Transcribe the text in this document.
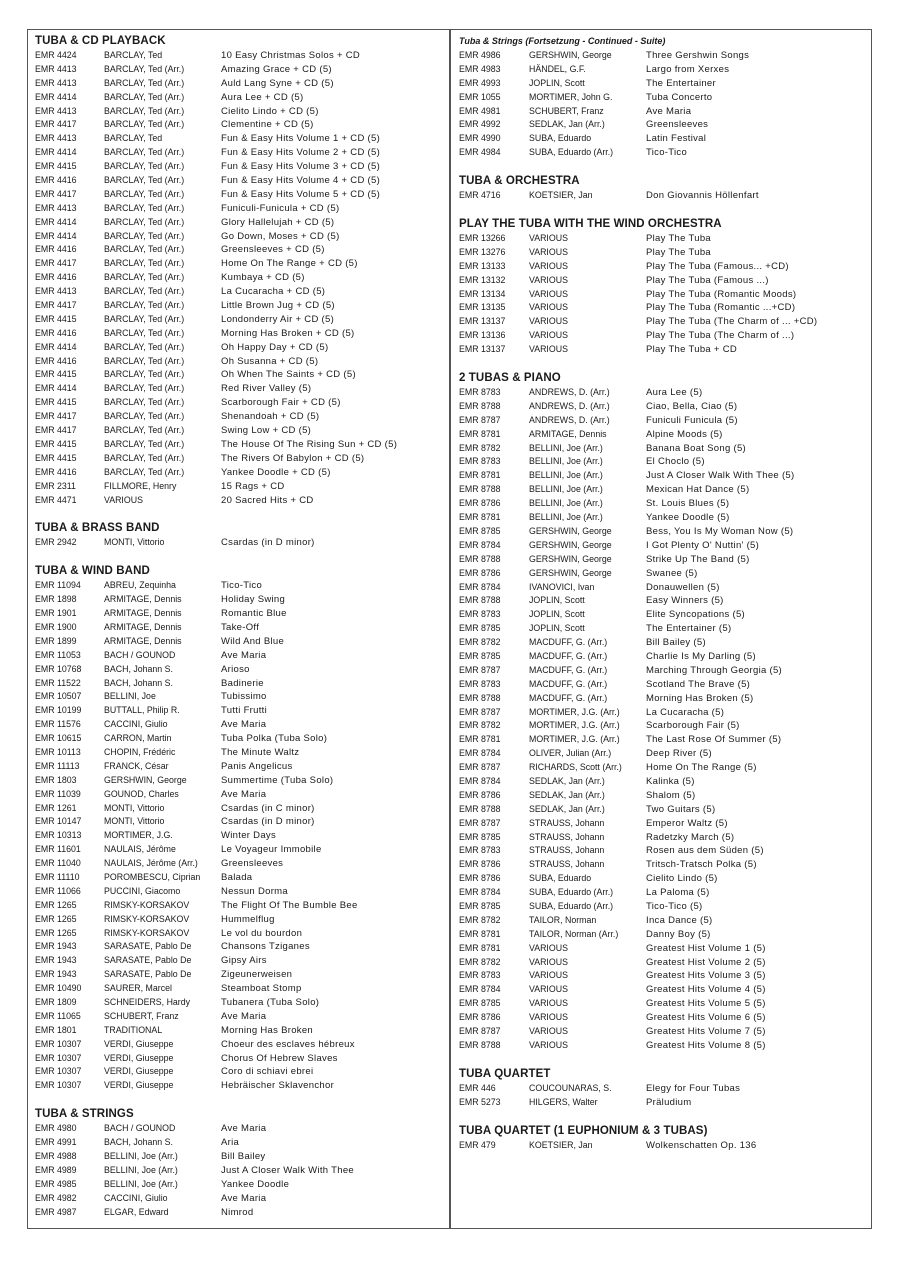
TUBA & CD PLAYBACK
EMR 4424	BARCLAY, Ted	10 Easy Christmas Solos + CD
EMR 4413	BARCLAY, Ted (Arr.)	Amazing Grace + CD (5)
EMR 4413	BARCLAY, Ted (Arr.)	Auld Lang Syne + CD (5)
EMR 4414	BARCLAY, Ted (Arr.)	Aura Lee + CD (5)
EMR 4413	BARCLAY, Ted (Arr.)	Cielito Lindo + CD (5)
EMR 4417	BARCLAY, Ted (Arr.)	Clementine + CD (5)
EMR 4413	BARCLAY, Ted	Fun & Easy Hits Volume 1 + CD (5)
EMR 4414	BARCLAY, Ted (Arr.)	Fun & Easy Hits Volume 2 + CD (5)
EMR 4415	BARCLAY, Ted (Arr.)	Fun & Easy Hits Volume 3 + CD (5)
EMR 4416	BARCLAY, Ted (Arr.)	Fun & Easy Hits Volume 4 + CD (5)
EMR 4417	BARCLAY, Ted (Arr.)	Fun & Easy Hits Volume 5 + CD (5)
EMR 4413	BARCLAY, Ted (Arr.)	Funiculi-Funicula + CD (5)
EMR 4414	BARCLAY, Ted (Arr.)	Glory Hallelujah + CD (5)
EMR 4414	BARCLAY, Ted (Arr.)	Go Down, Moses + CD (5)
EMR 4416	BARCLAY, Ted (Arr.)	Greensleeves + CD (5)
EMR 4417	BARCLAY, Ted (Arr.)	Home On The Range + CD (5)
EMR 4416	BARCLAY, Ted (Arr.)	Kumbaya + CD (5)
EMR 4413	BARCLAY, Ted (Arr.)	La Cucaracha + CD (5)
EMR 4417	BARCLAY, Ted (Arr.)	Little Brown Jug + CD (5)
EMR 4415	BARCLAY, Ted (Arr.)	Londonderry Air + CD (5)
EMR 4416	BARCLAY, Ted (Arr.)	Morning Has Broken + CD (5)
EMR 4414	BARCLAY, Ted (Arr.)	Oh Happy Day + CD (5)
EMR 4416	BARCLAY, Ted (Arr.)	Oh Susanna + CD (5)
EMR 4415	BARCLAY, Ted (Arr.)	Oh When The Saints + CD (5)
EMR 4414	BARCLAY, Ted (Arr.)	Red River Valley (5)
EMR 4415	BARCLAY, Ted (Arr.)	Scarborough Fair + CD (5)
EMR 4417	BARCLAY, Ted (Arr.)	Shenandoah + CD (5)
EMR 4417	BARCLAY, Ted (Arr.)	Swing Low + CD (5)
EMR 4415	BARCLAY, Ted (Arr.)	The House Of The Rising Sun + CD (5)
EMR 4415	BARCLAY, Ted (Arr.)	The Rivers Of Babylon + CD (5)
EMR 4416	BARCLAY, Ted (Arr.)	Yankee Doodle + CD (5)
EMR 2311	FILLMORE, Henry	15 Rags + CD
EMR 4471	VARIOUS	20 Sacred Hits + CD
TUBA & BRASS BAND
EMR 2942	MONTI, Vittorio	Csardas (in D minor)
TUBA & WIND BAND
EMR 11094	ABREU, Zequinha	Tico-Tico
EMR 1898	ARMITAGE, Dennis	Holiday Swing
EMR 1901	ARMITAGE, Dennis	Romantic Blue
EMR 1900	ARMITAGE, Dennis	Take-Off
EMR 1899	ARMITAGE, Dennis	Wild And Blue
EMR 11053	BACH / GOUNOD	Ave Maria
EMR 10768	BACH, Johann S.	Arioso
EMR 11522	BACH, Johann S.	Badinerie
EMR 10507	BELLINI, Joe	Tubissimo
EMR 10199	BUTTALL, Philip R.	Tutti Frutti
EMR 11576	CACCINI, Giulio	Ave Maria
EMR 10615	CARRON, Martin	Tuba Polka (Tuba Solo)
EMR 10113	CHOPIN, Frédéric	The Minute Waltz
EMR 11113	FRANCK, César	Panis Angelicus
EMR 1803	GERSHWIN, George	Summertime (Tuba Solo)
EMR 11039	GOUNOD, Charles	Ave Maria
EMR 1261	MONTI, Vittorio	Csardas (in C minor)
EMR 10147	MONTI, Vittorio	Csardas (in D minor)
EMR 10313	MORTIMER, J.G.	Winter Days
EMR 11601	NAULAIS, Jérôme	Le Voyageur Immobile
EMR 11040	NAULAIS, Jérôme (Arr.)	Greensleeves
EMR 11110	POROMBESCU, Ciprian	Balada
EMR 11066	PUCCINI, Giacomo	Nessun Dorma
EMR 1265	RIMSKY-KORSAKOV	The Flight Of The Bumble Bee
EMR 1265	RIMSKY-KORSAKOV	Hummelflug
EMR 1265	RIMSKY-KORSAKOV	Le vol du bourdon
EMR 1943	SARASATE, Pablo De	Chansons Tziganes
EMR 1943	SARASATE, Pablo De	Gipsy Airs
EMR 1943	SARASATE, Pablo De	Zigeunerweisen
EMR 10490	SAURER, Marcel	Steamboat Stomp
EMR 1809	SCHNEIDERS, Hardy	Tubanera (Tuba Solo)
EMR 11065	SCHUBERT, Franz	Ave Maria
EMR 1801	TRADITIONAL	Morning Has Broken
EMR 10307	VERDI, Giuseppe	Choeur des esclaves hébreux
EMR 10307	VERDI, Giuseppe	Chorus Of Hebrew Slaves
EMR 10307	VERDI, Giuseppe	Coro di schiavi ebrei
EMR 10307	VERDI, Giuseppe	Hebräischer Sklavenchor
TUBA & STRINGS
EMR 4980	BACH / GOUNOD	Ave Maria
EMR 4991	BACH, Johann S.	Aria
EMR 4988	BELLINI, Joe (Arr.)	Bill Bailey
EMR 4989	BELLINI, Joe (Arr.)	Just A Closer Walk With Thee
EMR 4985	BELLINI, Joe (Arr.)	Yankee Doodle
EMR 4982	CACCINI, Giulio	Ave Maria
EMR 4987	ELGAR, Edward	Nimrod
Tuba & Strings (Fortsetzung - Continued - Suite)
EMR 4986	GERSHWIN, George	Three Gershwin Songs
EMR 4983	HÄNDEL, G.F.	Largo from Xerxes
EMR 4993	JOPLIN, Scott	The Entertainer
EMR 1055	MORTIMER, John G.	Tuba Concerto
EMR 4981	SCHUBERT, Franz	Ave Maria
EMR 4992	SEDLAK, Jan (Arr.)	Greensleeves
EMR 4990	SUBA, Eduardo	Latin Festival
EMR 4984	SUBA, Eduardo (Arr.)	Tico-Tico
TUBA & ORCHESTRA
EMR 4716	KOETSIER, Jan	Don Giovannis Höllenfart
PLAY THE TUBA WITH THE WIND ORCHESTRA
EMR 13266	VARIOUS	Play The Tuba
EMR 13276	VARIOUS	Play The Tuba
EMR 13133	VARIOUS	Play The Tuba (Famous... +CD)
EMR 13132	VARIOUS	Play The Tuba (Famous ...)
EMR 13134	VARIOUS	Play The Tuba (Romantic Moods)
EMR 13135	VARIOUS	Play The Tuba (Romantic ...+CD)
EMR 13137	VARIOUS	Play The Tuba (The Charm of ... +CD)
EMR 13136	VARIOUS	Play The Tuba (The Charm of ...)
EMR 13137	VARIOUS	Play The Tuba + CD
2 TUBAS & PIANO
EMR 8783	ANDREWS, D. (Arr.)	Aura Lee (5)
EMR 8788	ANDREWS, D. (Arr.)	Ciao, Bella, Ciao (5)
EMR 8787	ANDREWS, D. (Arr.)	Funiculi Funicula (5)
EMR 8781	ARMITAGE, Dennis	Alpine Moods (5)
EMR 8782	BELLINI, Joe (Arr.)	Banana Boat Song (5)
EMR 8783	BELLINI, Joe (Arr.)	El Choclo (5)
EMR 8781	BELLINI, Joe (Arr.)	Just A Closer Walk With Thee (5)
EMR 8788	BELLINI, Joe (Arr.)	Mexican Hat Dance (5)
EMR 8786	BELLINI, Joe (Arr.)	St. Louis Blues (5)
EMR 8781	BELLINI, Joe (Arr.)	Yankee Doodle (5)
EMR 8785	GERSHWIN, George	Bess, You Is My Woman Now (5)
EMR 8784	GERSHWIN, George	I Got Plenty O' Nuttin' (5)
EMR 8788	GERSHWIN, George	Strike Up The Band (5)
EMR 8786	GERSHWIN, George	Swanee (5)
EMR 8784	IVANOVICI, Ivan	Donauwellen (5)
EMR 8788	JOPLIN, Scott	Easy Winners (5)
EMR 8783	JOPLIN, Scott	Elite Syncopations (5)
EMR 8785	JOPLIN, Scott	The Entertainer (5)
EMR 8782	MACDUFF, G. (Arr.)	Bill Bailey (5)
EMR 8785	MACDUFF, G. (Arr.)	Charlie Is My Darling (5)
EMR 8787	MACDUFF, G. (Arr.)	Marching Through Georgia (5)
EMR 8783	MACDUFF, G. (Arr.)	Scotland The Brave (5)
EMR 8788	MACDUFF, G. (Arr.)	Morning Has Broken (5)
EMR 8787	MORTIMER, J.G. (Arr.)	La Cucaracha (5)
EMR 8782	MORTIMER, J.G. (Arr.)	Scarborough Fair (5)
EMR 8781	MORTIMER, J.G. (Arr.)	The Last Rose Of Summer (5)
EMR 8784	OLIVER, Julian (Arr.)	Deep River (5)
EMR 8787	RICHARDS, Scott (Arr.)	Home On The Range (5)
EMR 8784	SEDLAK, Jan (Arr.)	Kalinka (5)
EMR 8786	SEDLAK, Jan (Arr.)	Shalom (5)
EMR 8788	SEDLAK, Jan (Arr.)	Two Guitars (5)
EMR 8787	STRAUSS, Johann	Emperor Waltz (5)
EMR 8785	STRAUSS, Johann	Radetzky March (5)
EMR 8783	STRAUSS, Johann	Rosen aus dem Süden (5)
EMR 8786	STRAUSS, Johann	Tritsch-Tratsch Polka (5)
EMR 8786	SUBA, Eduardo	Cielito Lindo (5)
EMR 8784	SUBA, Eduardo (Arr.)	La Paloma (5)
EMR 8785	SUBA, Eduardo (Arr.)	Tico-Tico (5)
EMR 8782	TAILOR, Norman	Inca Dance (5)
EMR 8781	TAILOR, Norman (Arr.)	Danny Boy (5)
EMR 8781	VARIOUS	Greatest Hist Volume 1 (5)
EMR 8782	VARIOUS	Greatest Hist Volume 2 (5)
EMR 8783	VARIOUS	Greatest Hits Volume 3 (5)
EMR 8784	VARIOUS	Greatest Hits Volume 4 (5)
EMR 8785	VARIOUS	Greatest Hits Volume 5 (5)
EMR 8786	VARIOUS	Greatest Hits Volume 6 (5)
EMR 8787	VARIOUS	Greatest Hits Volume 7 (5)
EMR 8788	VARIOUS	Greatest Hits Volume 8 (5)
TUBA QUARTET
EMR 446	COUCOUNARAS, S.	Elegy for Four Tubas
EMR 5273	HILGERS, Walter	Präludium
TUBA QUARTET (1 EUPHONIUM & 3 TUBAS)
EMR 479	KOETSIER, Jan	Wolkenschatten Op. 136
